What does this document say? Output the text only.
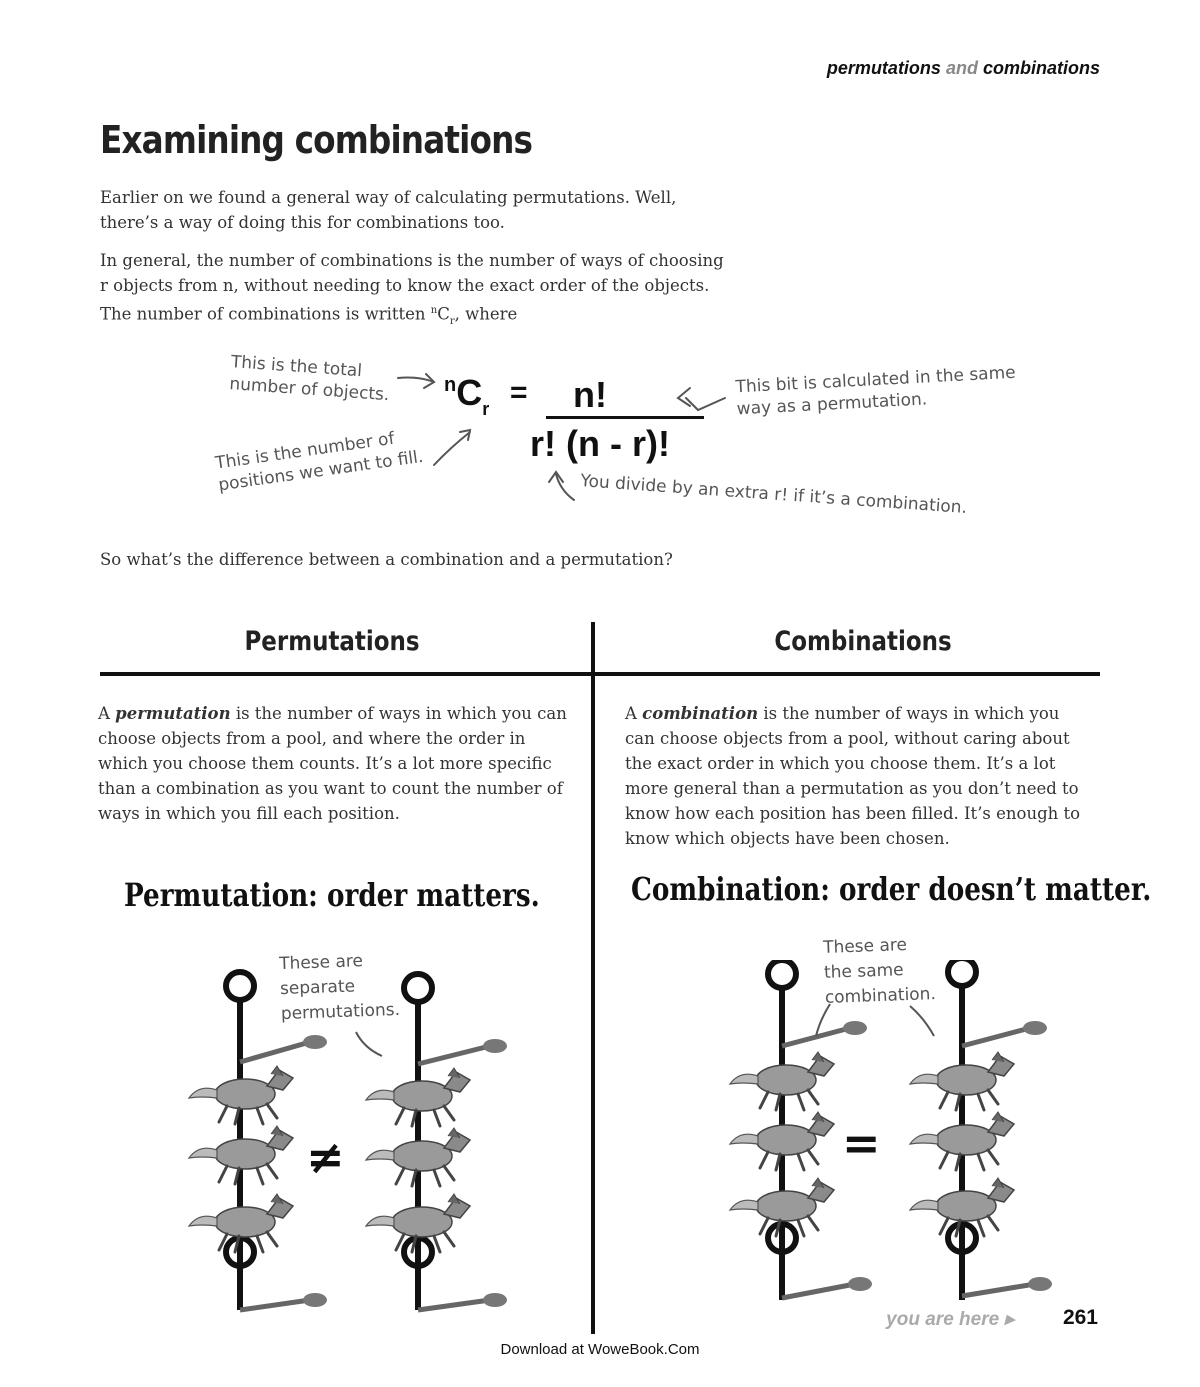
permutations and combinations
Examining combinations
Earlier on we found a general way of calculating permutations. Well, there’s a way of doing this for combinations too.
In general, the number of combinations is the number of ways of choosing r objects from n, without needing to know the exact order of the objects. The number of combinations is written $^nC_r$, where
$^nC_r = n$!
r! (n - r)!
This is the total number of objects.
This is the number of positions we want to fill.
This bit is calculated in the same way as a permutation.
You divide by an extra r! if it’s a combination.
So what’s the difference between a combination and a permutation?
Permutations	Combinations
A permutation is the number of ways in which you can choose objects from a pool, and where the order in which you choose them counts. It’s a lot more specific than a combination as you want to count the number of ways in which you fill each position.
A combination is the number of ways in which you can choose objects from a pool, without caring about the exact order in which you choose them. It’s a lot more general than a permutation as you don’t need to know how each position has been filled. It’s enough to know which objects have been chosen.
Permutation: order matters.	Combination: order doesn’t matter.
These are separate permutations.
These are the same combination.
≠	=
you are here ▸ 261
Download at WoweBook.Com
